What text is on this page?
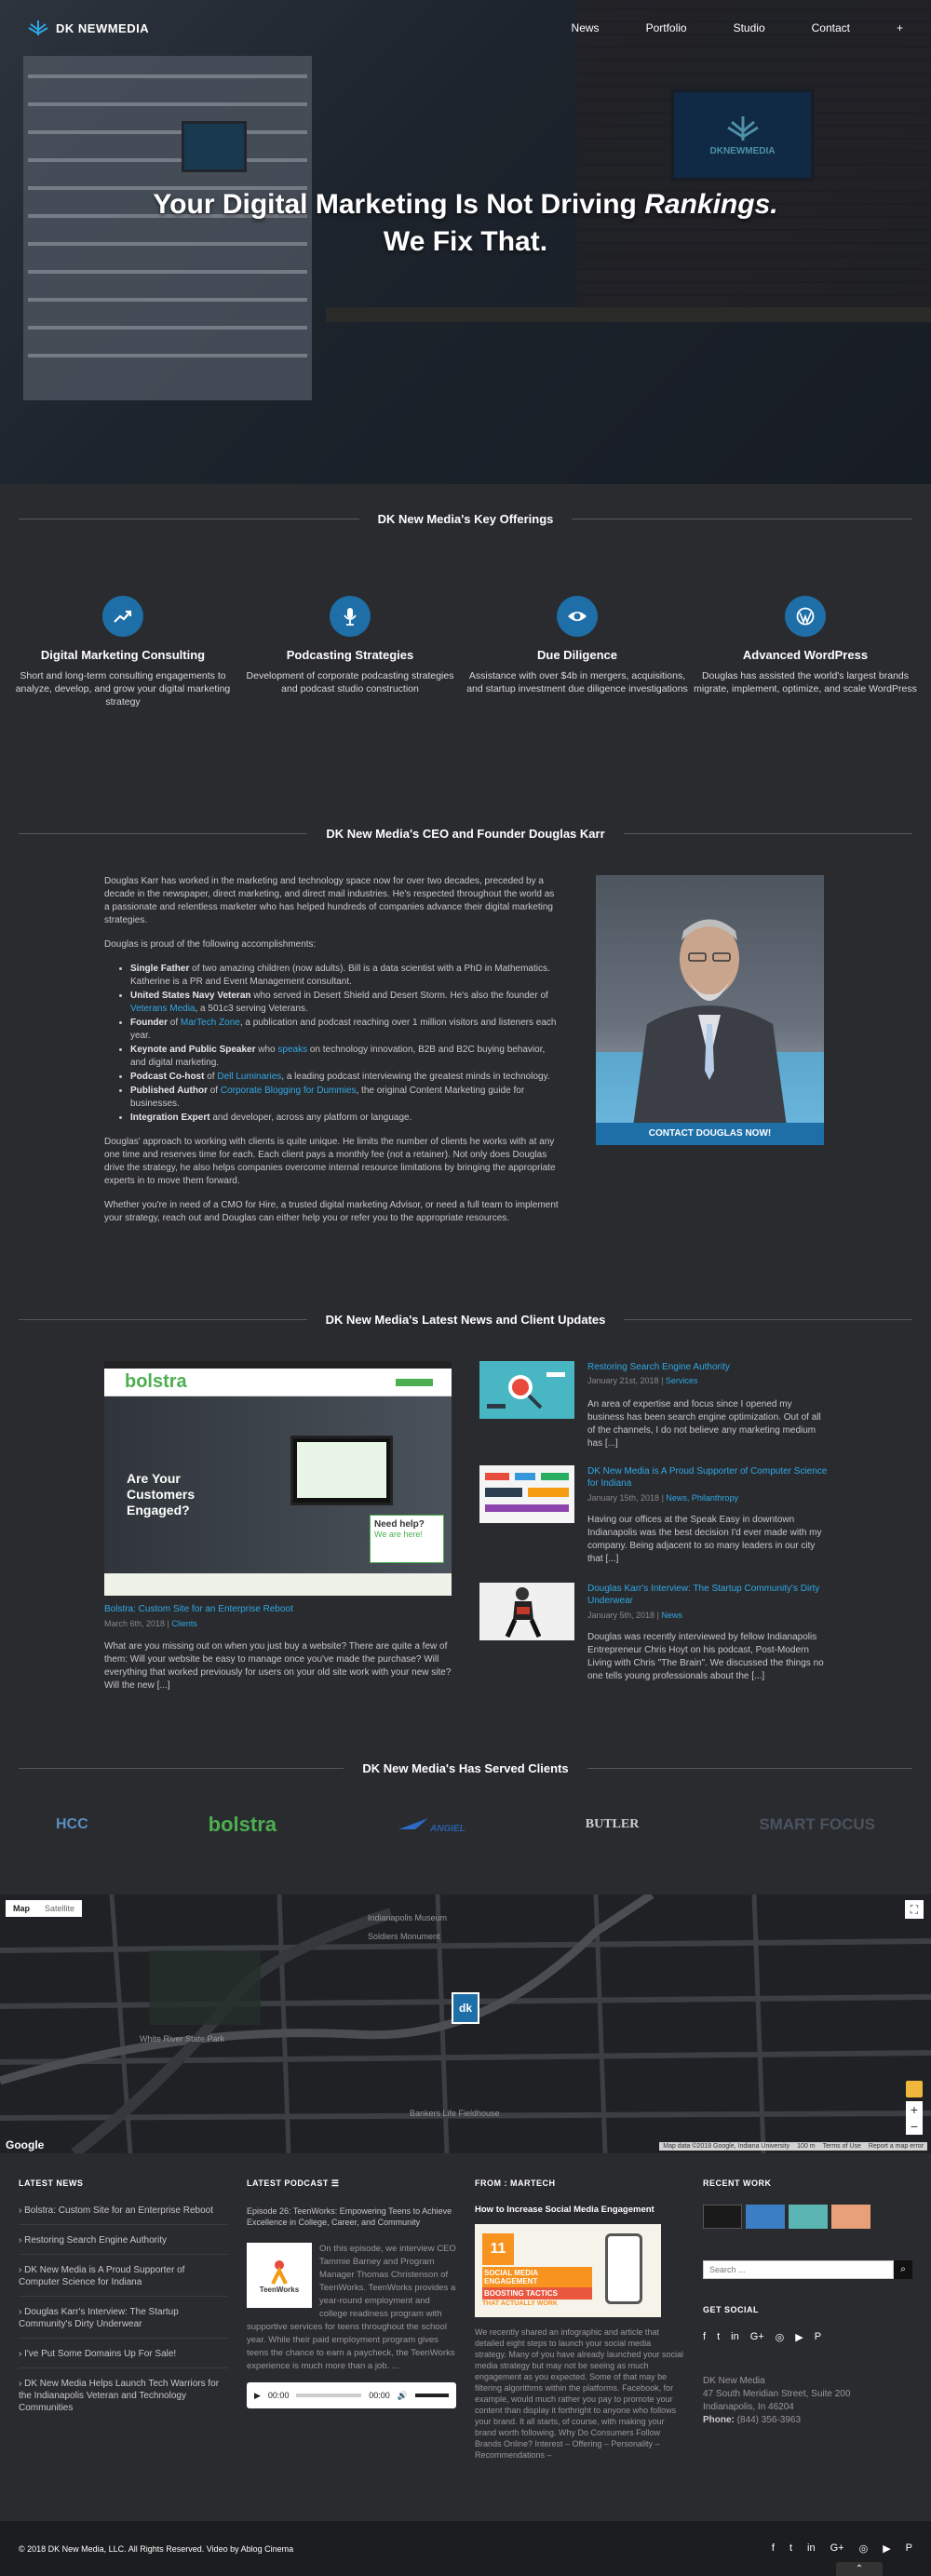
DKNEWMEDIA
Your Digital Marketing Is Not Driving Rankings.
We Fix That.
DK NEWMEDIA	News	Portfolio	Studio	Contact	+
DK New Media's Key Offerings
Digital Marketing Consulting

Short and long-term consulting engagements to analyze, develop, and grow your digital marketing strategy

Podcasting Strategies

Development of corporate podcasting strategies and podcast studio construction

Due Diligence

Assistance with over $4b in mergers, acquisitions, and startup investment due diligence investigations

Advanced WordPress

Douglas has assisted the world's largest brands migrate, implement, optimize, and scale WordPress

DK New Media's CEO and Founder Douglas Karr

Douglas Karr has worked in the marketing and technology space now for over two decades, preceded by a decade in the newspaper, direct marketing, and direct mail industries. He's respected throughout the world as a passionate and relentless marketer who has helped hundreds of companies advance their digital marketing strategies.

Douglas is proud of the following accomplishments:

• Single Father of two amazing children (now adults). Bill is a data scientist with a PhD in Mathematics. Katherine is a PR and Event Management consultant.
• United States Navy Veteran who served in Desert Shield and Desert Storm. He's also the founder of Veterans Media, a 501c3 serving Veterans.
• Founder of MarTech Zone, a publication and podcast reaching over 1 million visitors and listeners each year.
• Keynote and Public Speaker who speaks on technology innovation, B2B and B2C buying behavior, and digital marketing.
• Podcast Co-host of Dell Luminaries, a leading podcast interviewing the greatest minds in technology.
• Published Author of Corporate Blogging for Dummies, the original Content Marketing guide for businesses.
• Integration Expert and developer, across any platform or language.

Douglas' approach to working with clients is quite unique. He limits the number of clients he works with at any one time and reserves time for each. Each client pays a monthly fee (not a retainer). Not only does Douglas drive the strategy, he also helps companies overcome internal resource limitations by bringing the appropriate experts in to move them forward.

Whether you're in need of a CMO for Hire, a trusted digital marketing Advisor, or need a full team to implement your strategy, reach out and Douglas can either help you or refer you to the appropriate resources.

CONTACT DOUGLAS NOW!
DK New Media's Latest News and Client Updates
bolstra
Are Your Customers Engaged?
Need help?
We are here!
Bolstra: Custom Site for an Enterprise Reboot
March 6th, 2018 | Clients
What are you missing out on when you just buy a website? There are quite a few of them: Will your website be easy to manage once you've made the purchase? Will everything that worked previously for users on your old site work with your new site? Will the new [...]
Restoring Search Engine Authority
January 21st, 2018 | Services
An area of expertise and focus since I opened my business has been search engine optimization. Out of all of the channels, I do not believe any marketing medium has [...]
DK New Media is A Proud Supporter of Computer Science for Indiana
January 15th, 2018 | News, Philanthropy
Having our offices at the Speak Easy in downtown Indianapolis was the best decision I'd ever made with my company. Being adjacent to so many leaders in our city that [...]
Douglas Karr's Interview: The Startup Community's Dirty Underwear
January 5th, 2018 | News
Douglas was recently interviewed by fellow Indianapolis Entrepreneur Chris Hoyt on his podcast, Post-Modern Living with Chris "The Brain". We discussed the things no one tells young professionals about the [...]
DK New Media's Has Served Clients
HCC	bolstra	ANGIEL	BUTLER	SMART FOCUS
Map	Satellite
White River State Park
Indianapolis Museum
Soldiers Monument
Bankers Life Fieldhouse
dk
⛶
+
−
Google	Map data ©2018 Google, Indiana University 100 m Terms of Use Report a map error
LATEST NEWS
› Bolstra: Custom Site for an Enterprise Reboot
› Restoring Search Engine Authority
› DK New Media is A Proud Supporter of Computer Science for Indiana
› Douglas Karr's Interview: The Startup Community's Dirty Underwear
› I've Put Some Domains Up For Sale!
› DK New Media Helps Launch Tech Warriors for the Indianapolis Veteran and Technology Communities
LATEST PODCAST ☰
Episode 26: TeenWorks: Empowering Teens to Achieve Excellence in College, Career, and Community
TeenWorks
On this episode, we interview CEO Tammie Barney and Program Manager Thomas Christenson of TeenWorks. TeenWorks provides a year-round employment and college readiness program with supportive services for teens throughout the school year. While their paid employment program gives teens the chance to earn a paycheck, the TeenWorks experience is much more than a job. ...
▶ 00:00	00:00 🔊
FROM : MARTECH
How to Increase Social Media Engagement
11
SOCIAL MEDIA ENGAGEMENT
BOOSTING TACTICS
THAT ACTUALLY WORK
We recently shared an infographic and article that detailed eight steps to launch your social media strategy. Many of you have already launched your social media strategy but may not be seeing as much engagement as you expected. Some of that may be filtering algorithms within the platforms. Facebook, for example, would much rather you pay to promote your content than display it forthright to anyone who follows your brand. It all starts, of course, with making your brand worth following. Why Do Consumers Follow Brands Online? Interest – Offering – Personality – Recommendations –
RECENT WORK
Search ...
⌕
GET SOCIAL
f t in G+ ◎ ▶ P
DK New Media
47 South Meridian Street, Suite 200
Indianapolis, In 46204
Phone: (844) 356-3963
© 2018 DK New Media, LLC. All Rights Reserved. Video by Ablog Cinema	f t in G+ ◎ ▶ P
⌃
